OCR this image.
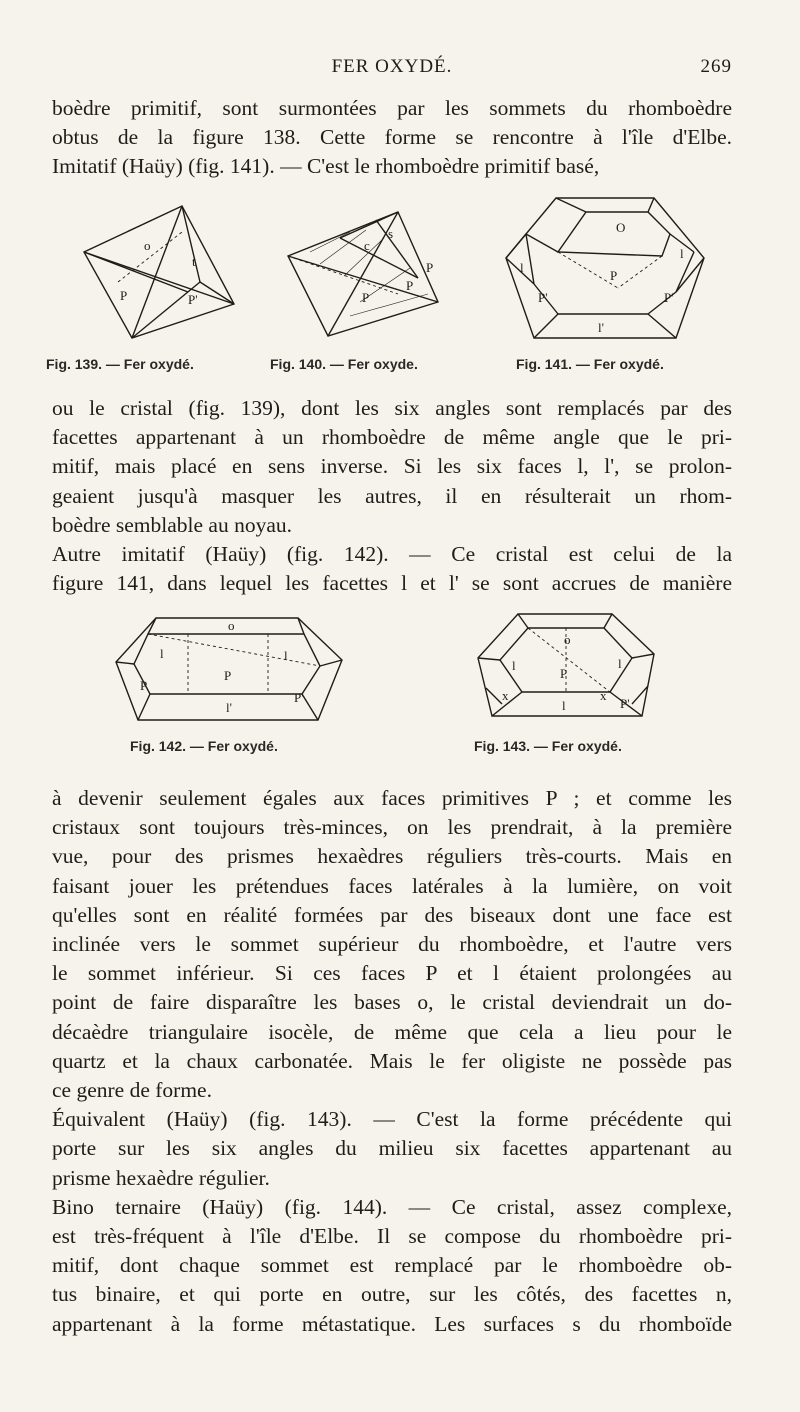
FER OXYDÉ.	269
boèdre primitif, sont surmontées par les sommets du rhomboèdre
obtus de la figure 138. Cette forme se rencontre à l'île d'Elbe.
Imitatif (Haüy) (fig. 141). — C'est le rhomboèdre primitif basé,
o
P	P'
t
Fig. 139. — Fer oxydé.
s
c
P
P
P
Fig. 140. — Fer oxyde.
O
l
l
P
P'	P'
l'
Fig. 141. — Fer oxydé.
ou le cristal (fig. 139), dont les six angles sont remplacés par des
facettes appartenant à un rhomboèdre de même angle que le pri-
mitif, mais placé en sens inverse. Si les six faces l, l', se prolon-
geaient jusqu'à masquer les autres, il en résulterait un rhom-
boèdre semblable au noyau.
Autre imitatif (Haüy) (fig. 142). — Ce cristal est celui de la
figure 141, dans lequel les facettes l et l' se sont accrues de manière
o
l	l
P
P
P'
l'
Fig. 142. — Fer oxydé.
o
l	l
P
x	x
l	P'
Fig. 143. — Fer oxydé.
à devenir seulement égales aux faces primitives P ; et comme les
cristaux sont toujours très-minces, on les prendrait, à la première
vue, pour des prismes hexaèdres réguliers très-courts. Mais en
faisant jouer les prétendues faces latérales à la lumière, on voit
qu'elles sont en réalité formées par des biseaux dont une face est
inclinée vers le sommet supérieur du rhomboèdre, et l'autre vers
le sommet inférieur. Si ces faces P et l étaient prolongées au
point de faire disparaître les bases o, le cristal deviendrait un do-
décaèdre triangulaire isocèle, de même que cela a lieu pour le
quartz et la chaux carbonatée. Mais le fer oligiste ne possède pas
ce genre de forme.
Équivalent (Haüy) (fig. 143). — C'est la forme précédente qui
porte sur les six angles du milieu six facettes appartenant au
prisme hexaèdre régulier.
Bino ternaire (Haüy) (fig. 144). — Ce cristal, assez complexe,
est très-fréquent à l'île d'Elbe. Il se compose du rhomboèdre pri-
mitif, dont chaque sommet est remplacé par le rhomboèdre ob-
tus binaire, et qui porte en outre, sur les côtés, des facettes n,
appartenant à la forme métastatique. Les surfaces s du rhomboïde
